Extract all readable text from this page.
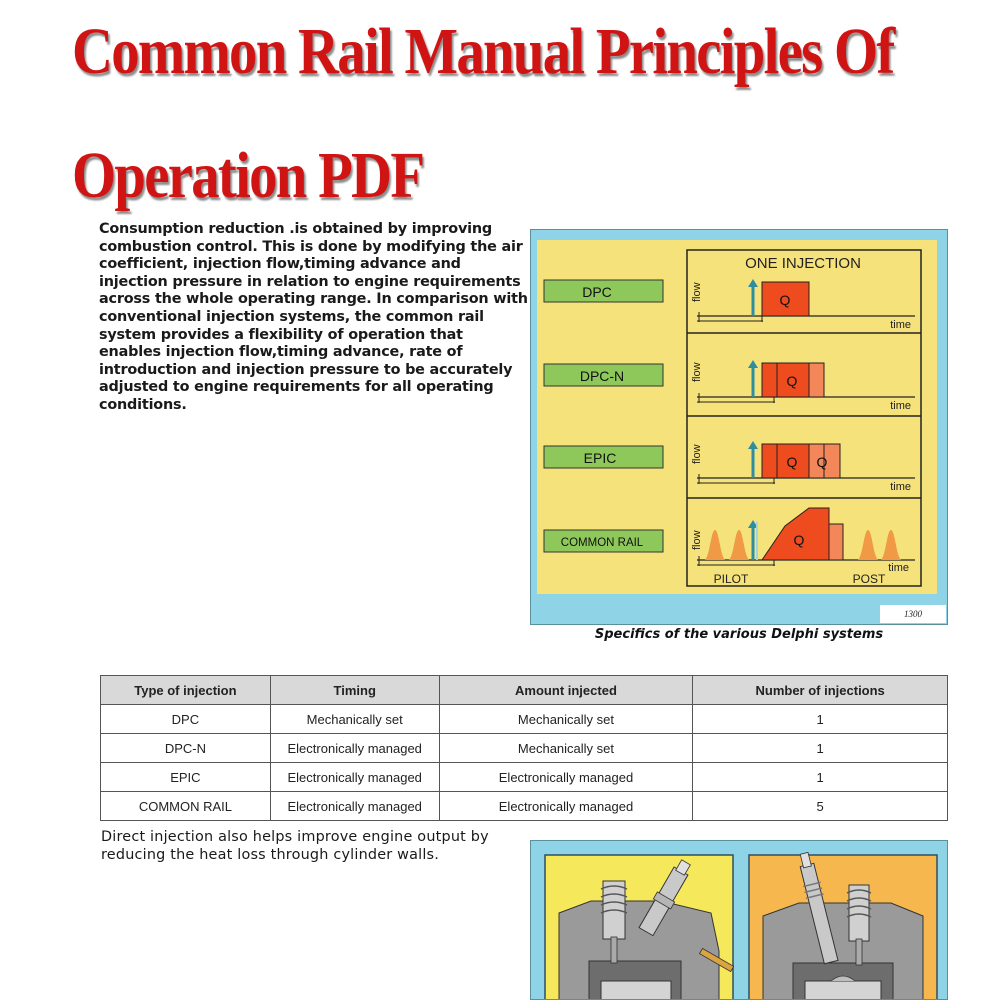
Common Rail Manual Principles Of
Operation PDF

Consumption reduction .is obtained by improving combustion control. This is done by modifying the air coefficient, injection flow,timing advance and injection pressure in relation to engine requirements across the whole operating range. In comparison with conventional injection systems, the common rail system provides a flexibility of operation that enables injection flow,timing advance, rate of introduction and injection pressure to be accurately adjusted to engine requirements for all operating conditions.

ONE INJECTION
DPC
DPC-N
EPIC
COMMON RAIL
flow	Q
time
flow	Q
time
flow	Q Q
time
flow	Q
time
PILOT	POST
1300

Specifics of the various Delphi systems

Type of injection	Timing	Amount injected	Number of injections
DPC	Mechanically set	Mechanically set	1
DPC-N	Electronically managed	Mechanically set	1
EPIC	Electronically managed	Electronically managed	1
COMMON RAIL	Electronically managed	Electronically managed	5

Direct injection also helps improve engine output by reducing the heat loss through cylinder walls.
